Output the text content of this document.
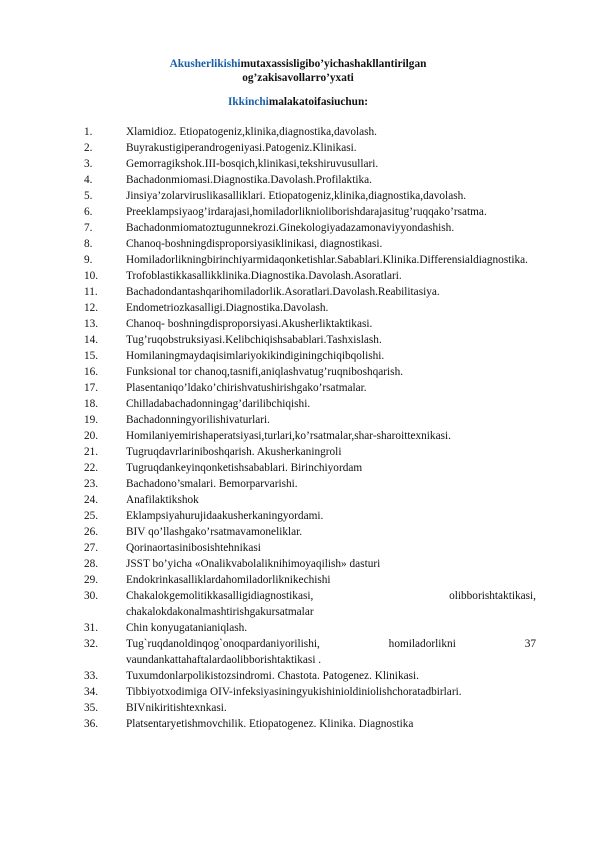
Akusherlikishimutaxassisligibo’yichashakllantirilgan
og’zakisavollarro’yxati
Ikkinchimalakatoifasiuchun:
1.	Xlamidioz. Etiopatogeniz,klinika,diagnostika,davolash.
2.	Buyrakustigiperandrogeniyasi.Patogeniz.Klinikasi.
3.	Gemorragikshok.III-bosqich,klinikasi,tekshiruvusullari.
4.	Bachadonmiomasi.Diagnostika.Davolash.Profilaktika.
5.	Jinsiya’zolarviruslikasalliklari. Etiopatogeniz,klinika,diagnostika,davolash.
6.	Preeklampsiyaog’irdarajasi,homiladorliknioliborishdarajasitug’ruqqako’rsatma.
7.	Bachadonmiomatoztugunnekrozi.Ginekologiyadazamonaviyyondashish.
8.	Chanoq-boshningdisproporsiyasiklinikasi, diagnostikasi.
9.	Homiladorlikningbirinchiyarmidaqonketishlar.Sabablari.Klinika.Differensialdiagnostika.
10.	Trofoblastikkasallikklinika.Diagnostika.Davolash.Asoratlari.
11.	Bachadondantashqarihomiladorlik.Asoratlari.Davolash.Reabilitasiya.
12.	Endometriozkasalligi.Diagnostika.Davolash.
13.	Chanoq- boshningdisproporsiyasi.Akusherliktaktikasi.
14.	Tug’ruqobstruksiyasi.Kelibchiqishsabablari.Tashxislash.
15.	Homilaningmaydaqisimlariyokikindiginingchiqibqolishi.
16.	Funksional tor chanoq,tasnifi,aniqlashvatug’ruqniboshqarish.
17.	Plasentaniqo’ldako’chirishvatushirishgako’rsatmalar.
18.	Chilladabachadonningag’darilibchiqishi.
19.	Bachadonningyorilishivaturlari.
20.	Homilaniyemirishaperatsiyasi,turlari,ko’rsatmalar,shar-sharoittexnikasi.
21.	Tugruqdavrlariniboshqarish. Akusherkaningroli
22.	Tugruqdankeyinqonketishsabablari. Birinchiyordam
23.	Bachadono’smalari. Bemorparvarishi.
24.	Anafilaktikshok
25.	Eklampsiyahurujidaakusherkaningyordami.
26.	BIV qo’llashgako’rsatmavamoneliklar.
27.	Qorinaortasinibosishtehnikasi
28.	JSST bo’yicha «Onalikvabolaliknihimoyaqilish» dasturi
29.	Endokrinkasalliklardahomiladorliknikechishi
30.	Chakalokgemolitikkasalligidiagnostikasi, olibborishtaktikasi, chakalokdakonalmashtirishgakursatmalar
31.	Chin konyugatanianiqlash.
32.	Tug`ruqdanoldinqog`onoqpardaniyorilishi, homiladorlikni 37 vaundankattahaftalardaolibborishtaktikasi .
33.	Tuxumdonlarpolikistozsindromi. Chastota. Patogenez. Klinikasi.
34.	Tibbiyotxodimiga OIV-infeksiyasiningyukishinioldiniolishchoratadbirlari.
35.	BIVnikiritishtexnkasi.
36.	Platsentaryetishmovchilik. Etiopatogenez. Klinika. Diagnostika
